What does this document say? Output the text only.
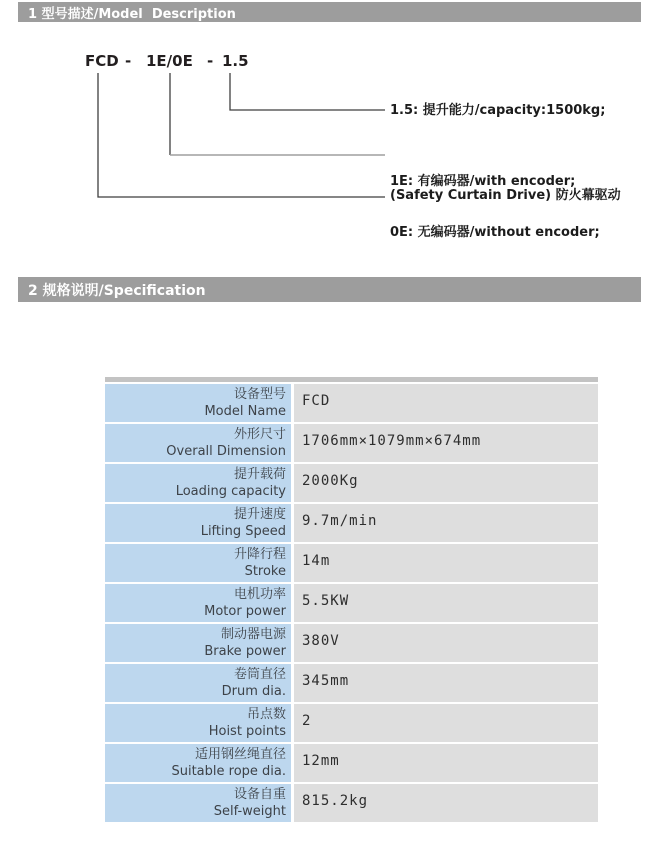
1 型号描述/Model  Description
FCD - 1E/0E - 1.5
1.5: 提升能力/capacity:1500kg;

1E: 有编码器/with encoder;

0E: 无编码器/without encoder;

(Safety Curtain Drive) 防火幕驱动
2 规格说明/Specification
设备型号
Model Name
FCD
外形尺寸
Overall Dimension
1706mm×1079mm×674mm
提升载荷
Loading capacity
2000Kg
提升速度
Lifting Speed
9.7m/min
升降行程
Stroke
14m
电机功率
Motor power
5.5KW
制动器电源
Brake power
380V
卷筒直径
Drum dia.
345mm
吊点数
Hoist points
2
适用钢丝绳直径
Suitable rope dia.
12mm
设备自重
Self-weight
815.2kg
